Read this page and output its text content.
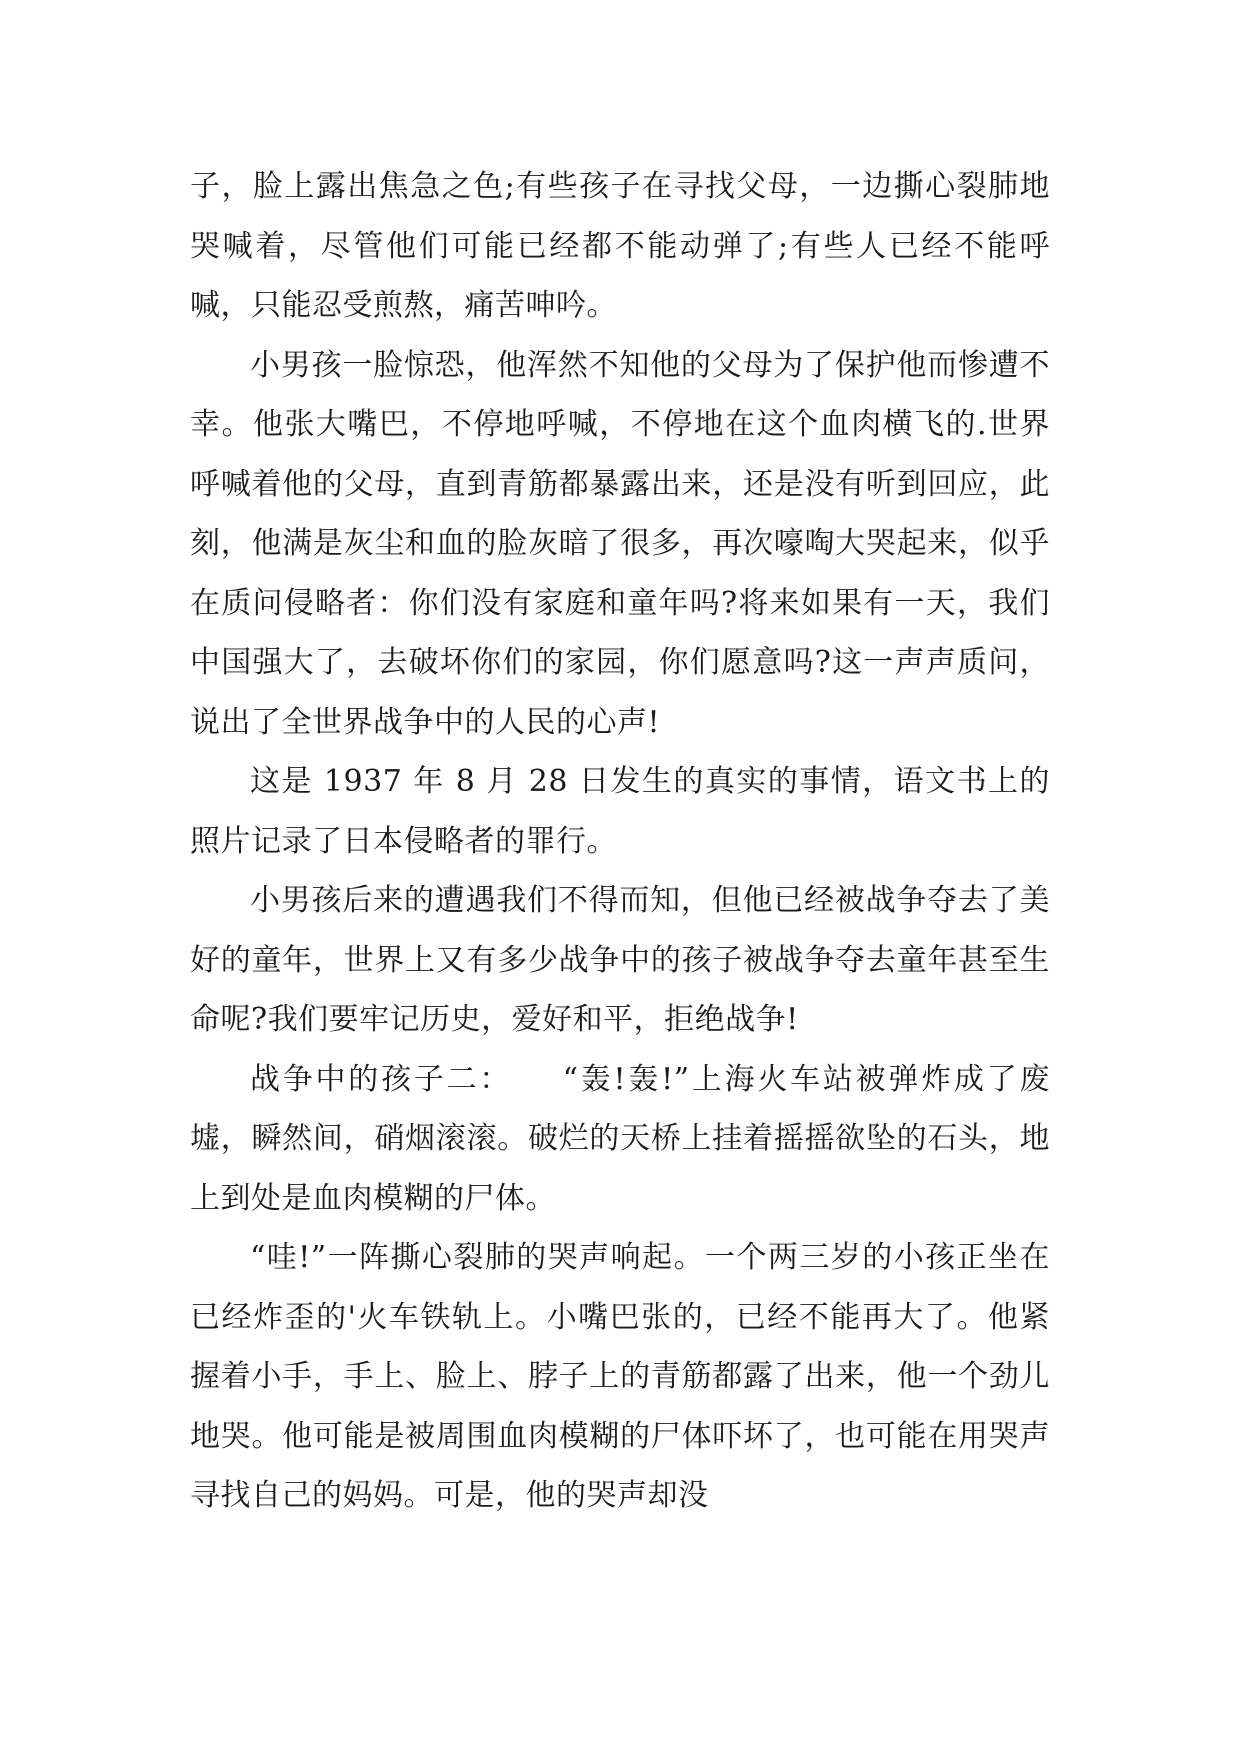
子，脸上露出焦急之色;有些孩子在寻找父母，一边撕心裂肺地哭喊着，尽管他们可能已经都不能动弹了;有些人已经不能呼喊，只能忍受煎熬，痛苦呻吟。

小男孩一脸惊恐，他浑然不知他的父母为了保护他而惨遭不幸。他张大嘴巴，不停地呼喊，不停地在这个血肉横飞的.世界呼喊着他的父母，直到青筋都暴露出来，还是没有听到回应，此刻，他满是灰尘和血的脸灰暗了很多，再次嚎啕大哭起来，似乎在质问侵略者：你们没有家庭和童年吗?将来如果有一天，我们中国强大了，去破坏你们的家园，你们愿意吗?这一声声质问，说出了全世界战争中的人民的心声!

这是 1937 年 8 月 28 日发生的真实的事情，语文书上的照片记录了日本侵略者的罪行。

小男孩后来的遭遇我们不得而知，但他已经被战争夺去了美好的童年，世界上又有多少战争中的孩子被战争夺去童年甚至生命呢?我们要牢记历史，爱好和平，拒绝战争!

战争中的孩子二：　　“轰!轰!”上海火车站被弹炸成了废墟，瞬然间，硝烟滚滚。破烂的天桥上挂着摇摇欲坠的石头，地上到处是血肉模糊的尸体。

“哇!”一阵撕心裂肺的哭声响起。一个两三岁的小孩正坐在已经炸歪的'火车铁轨上。小嘴巴张的，已经不能再大了。他紧握着小手，手上、脸上、脖子上的青筋都露了出来，他一个劲儿地哭。他可能是被周围血肉模糊的尸体吓坏了，也可能在用哭声寻找自己的妈妈。可是，他的哭声却没
